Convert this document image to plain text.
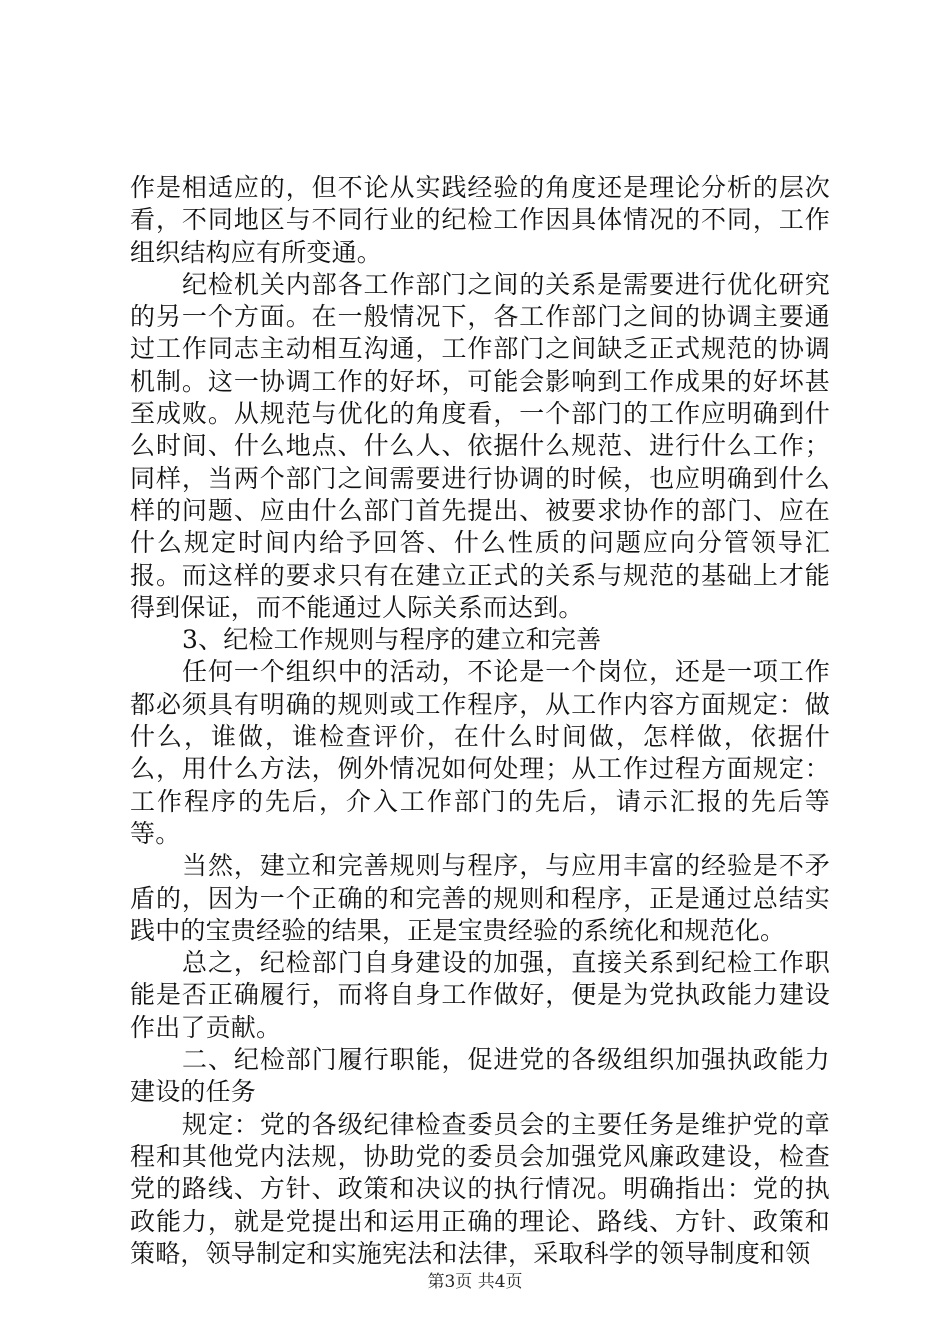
作是相适应的，但不论从实践经验的角度还是理论分析的层次看，不同地区与不同行业的纪检工作因具体情况的不同，工作组织结构应有所变通。

纪检机关内部各工作部门之间的关系是需要进行优化研究的另一个方面。在一般情况下，各工作部门之间的协调主要通过工作同志主动相互沟通，工作部门之间缺乏正式规范的协调机制。这一协调工作的好坏，可能会影响到工作成果的好坏甚至成败。从规范与优化的角度看，一个部门的工作应明确到什么时间、什么地点、什么人、依据什么规范、进行什么工作；同样，当两个部门之间需要进行协调的时候，也应明确到什么样的问题、应由什么部门首先提出、被要求协作的部门、应在什么规定时间内给予回答、什么性质的问题应向分管领导汇报。而这样的要求只有在建立正式的关系与规范的基础上才能得到保证，而不能通过人际关系而达到。

3、纪检工作规则与程序的建立和完善

任何一个组织中的活动，不论是一个岗位，还是一项工作都必须具有明确的规则或工作程序，从工作内容方面规定：做什么，谁做，谁检查评价，在什么时间做，怎样做，依据什么，用什么方法，例外情况如何处理；从工作过程方面规定：工作程序的先后，介入工作部门的先后，请示汇报的先后等等。

当然，建立和完善规则与程序，与应用丰富的经验是不矛盾的，因为一个正确的和完善的规则和程序，正是通过总结实践中的宝贵经验的结果，正是宝贵经验的系统化和规范化。

总之，纪检部门自身建设的加强，直接关系到纪检工作职能是否正确履行，而将自身工作做好，便是为党执政能力建设作出了贡献。

二、纪检部门履行职能，促进党的各级组织加强执政能力建设的任务

规定：党的各级纪律检查委员会的主要任务是维护党的章程和其他党内法规，协助党的委员会加强党风廉政建设，检查党的路线、方针、政策和决议的执行情况。明确指出：党的执政能力，就是党提出和运用正确的理论、路线、方针、政策和策略，领导制定和实施宪法和法律，采取科学的领导制度和领

第3页 共4页
